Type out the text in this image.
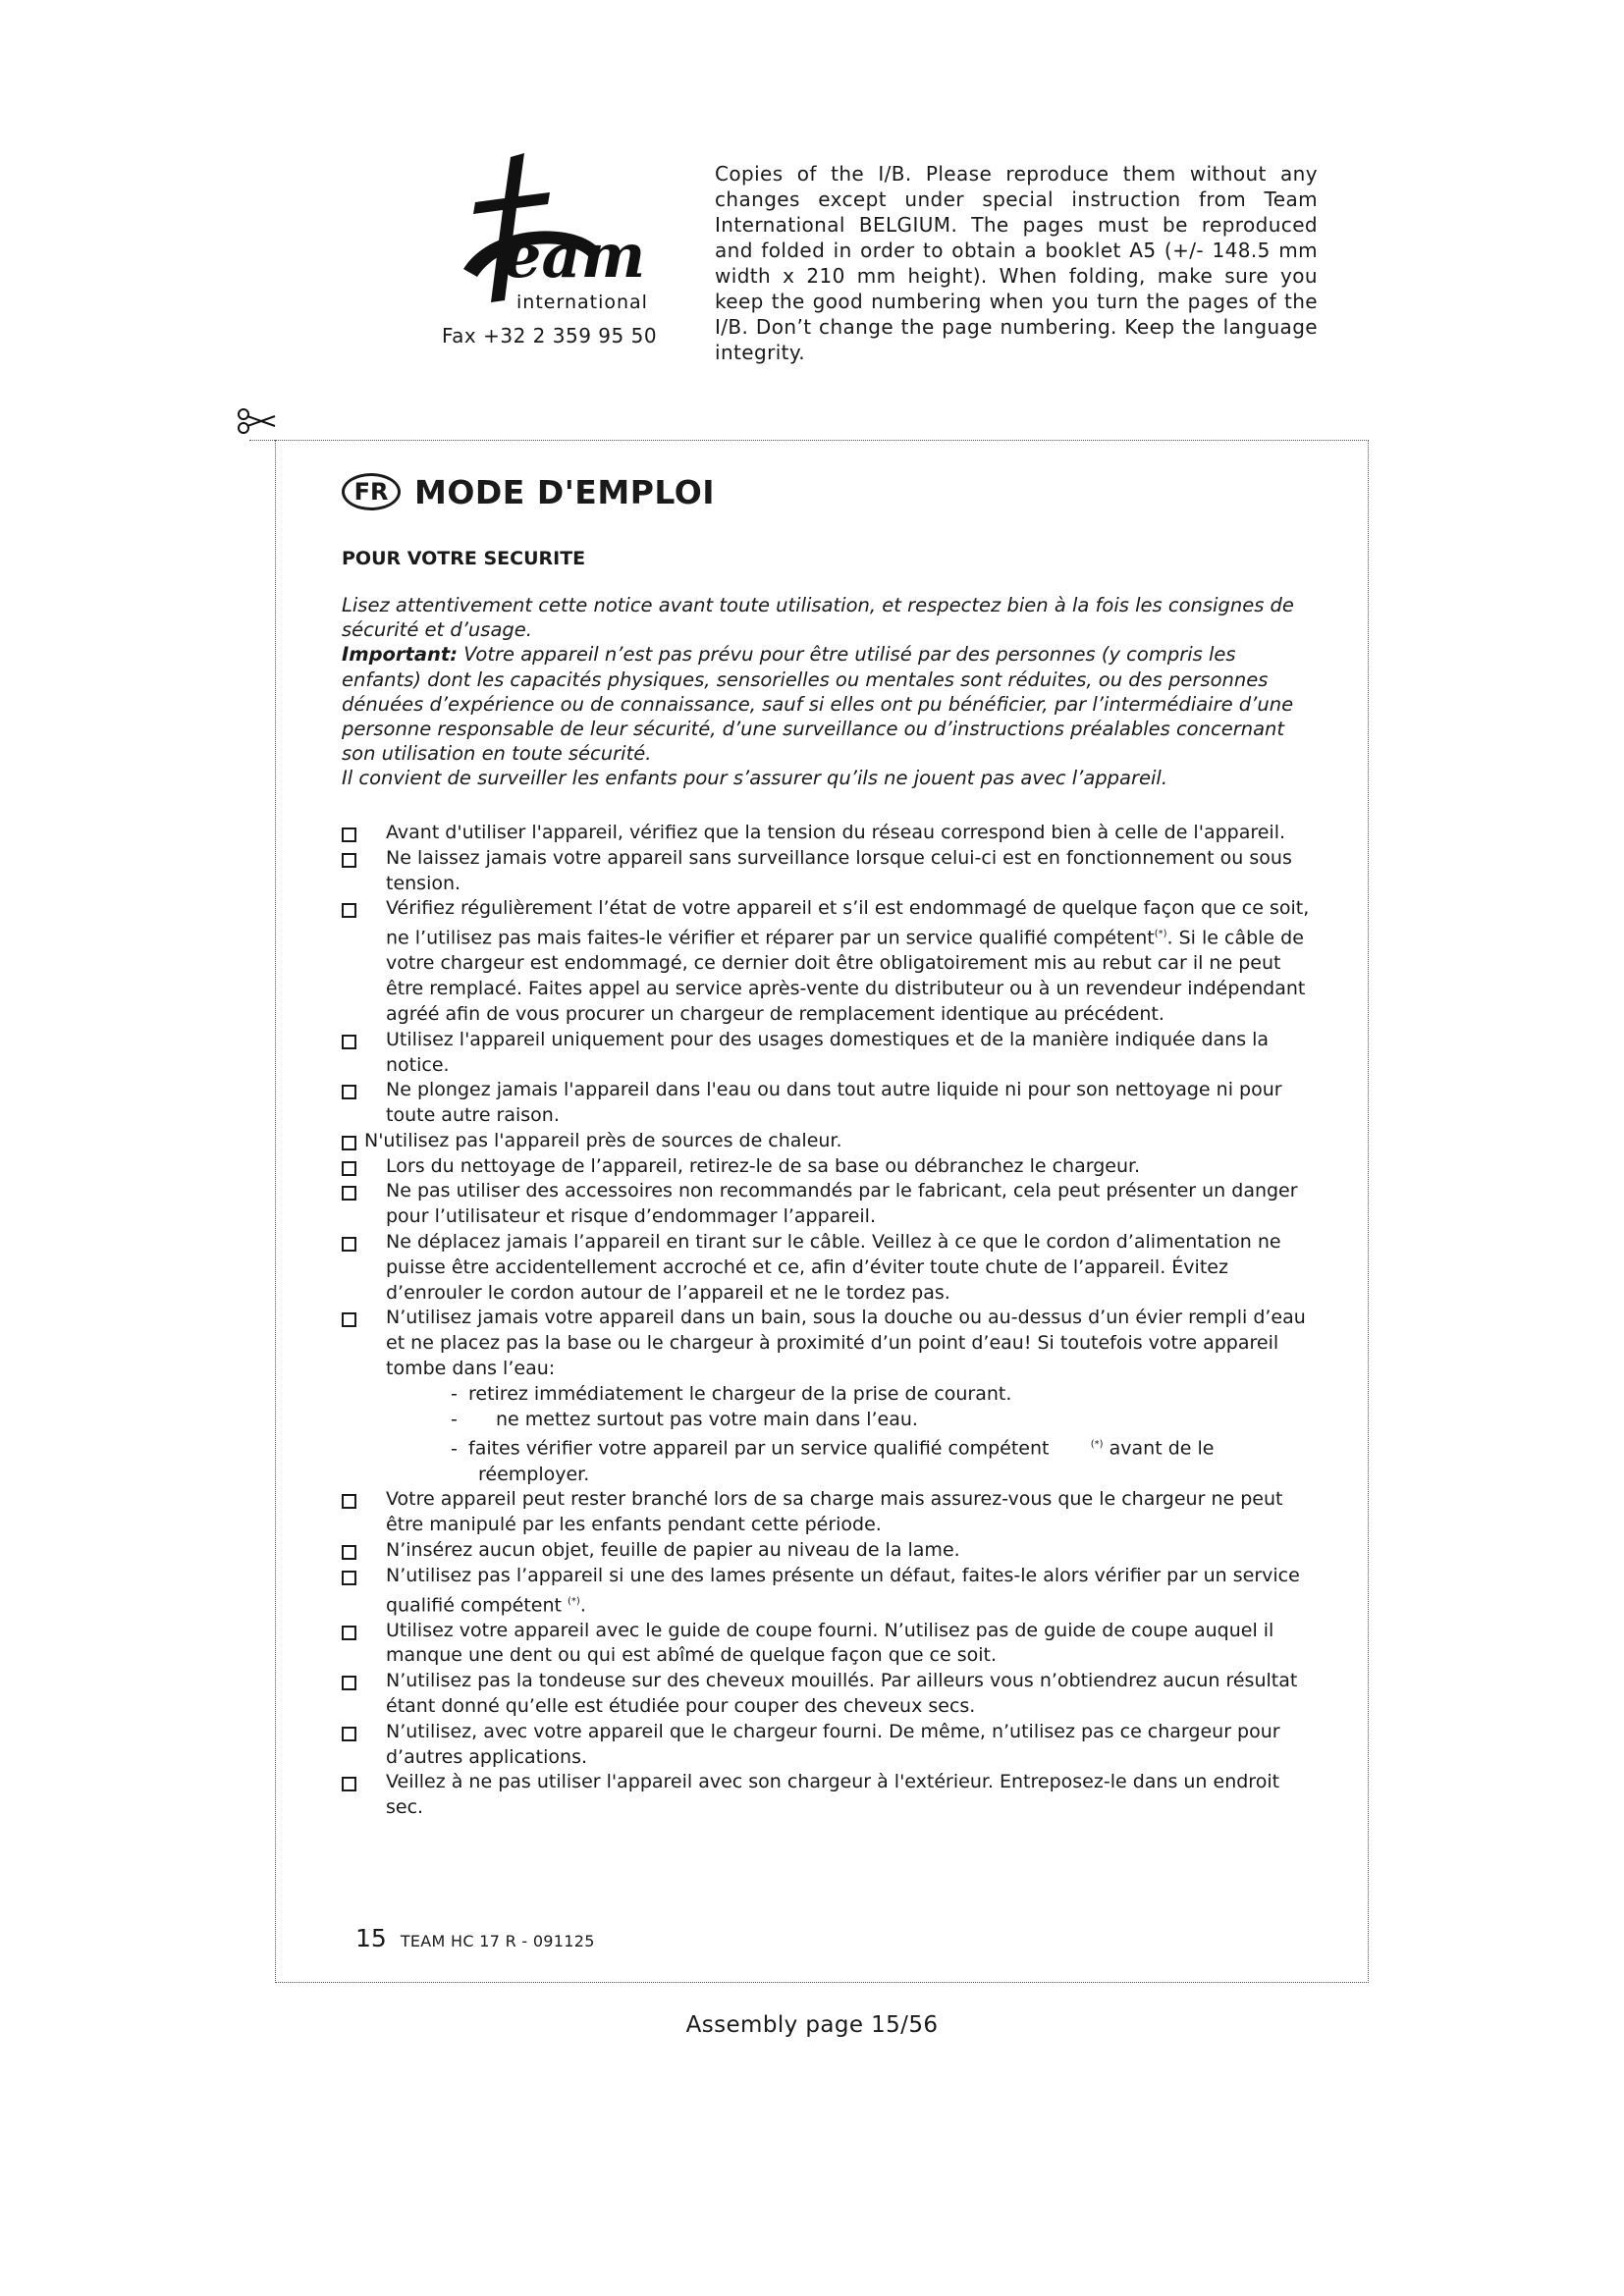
eam
international
Fax +32 2 359 95 50
Copies of the I/B. Please reproduce them without any changes except under special instruction from Team International BELGIUM. The pages must be reproduced and folded in order to obtain a booklet A5 (+/- 148.5 mm width x 210 mm height). When folding, make sure you keep the good numbering when you turn the pages of the I/B. Don’t change the page numbering. Keep the language integrity.
FR MODE D'EMPLOI
POUR VOTRE SECURITE

Lisez attentivement cette notice avant toute utilisation, et respectez bien à la fois les consignes de sécurité et d’usage.

Important: Votre appareil n’est pas prévu pour être utilisé par des personnes (y compris les enfants) dont les capacités physiques, sensorielles ou mentales sont réduites, ou des personnes dénuées d’expérience ou de connaissance, sauf si elles ont pu bénéficier, par l’intermédiaire d’une personne responsable de leur sécurité, d’une surveillance ou d’instructions préalables concernant son utilisation en toute sécurité.

Il convient de surveiller les enfants pour s’assurer qu’ils ne jouent pas avec l’appareil.

Avant d'utiliser l'appareil, vérifiez que la tension du réseau correspond bien à celle de l'appareil.
Ne laissez jamais votre appareil sans surveillance lorsque celui-ci est en fonctionnement ou sous tension.
Vérifiez régulièrement l’état de votre appareil et s’il est endommagé de quelque façon que ce soit, ne l’utilisez pas mais faites-le vérifier et réparer par un service qualifié compétent(*). Si le câble de votre chargeur est endommagé, ce dernier doit être obligatoirement mis au rebut car il ne peut être remplacé. Faites appel au service après-vente du distributeur ou à un revendeur indépendant agréé afin de vous procurer un chargeur de remplacement identique au précédent.
Utilisez l'appareil uniquement pour des usages domestiques et de la manière indiquée dans la notice.
Ne plongez jamais l'appareil dans l'eau ou dans tout autre liquide ni pour son nettoyage ni pour toute autre raison.
N'utilisez pas l'appareil près de sources de chaleur.
Lors du nettoyage de l’appareil, retirez-le de sa base ou débranchez le chargeur.
Ne pas utiliser des accessoires non recommandés par le fabricant, cela peut présenter un danger pour l’utilisateur et risque d’endommager l’appareil.
Ne déplacez jamais l’appareil en tirant sur le câble. Veillez à ce que le cordon d’alimentation ne puisse être accidentellement accroché et ce, afin d’éviter toute chute de l’appareil. Évitez d’enrouler le cordon autour de l’appareil et ne le tordez pas.
N’utilisez jamais votre appareil dans un bain, sous la douche ou au-dessus d’un évier rempli d’eau et ne placez pas la base ou le chargeur à proximité d’un point d’eau! Si toutefois votre appareil tombe dans l’eau:
- retirez immédiatement le chargeur de la prise de courant.
- ne mettez surtout pas votre main dans l’eau.
- faites vérifier votre appareil par un service qualifié compétent	(*) avant de le
réemployer.
Votre appareil peut rester branché lors de sa charge mais assurez-vous que le chargeur ne peut être manipulé par les enfants pendant cette période.
N’insérez aucun objet, feuille de papier au niveau de la lame.
N’utilisez pas l’appareil si une des lames présente un défaut, faites-le alors vérifier par un service qualifié compétent (*).
Utilisez votre appareil avec le guide de coupe fourni. N’utilisez pas de guide de coupe auquel il manque une dent ou qui est abîmé de quelque façon que ce soit.
N’utilisez pas la tondeuse sur des cheveux mouillés. Par ailleurs vous n’obtiendrez aucun résultat étant donné qu’elle est étudiée pour couper des cheveux secs.
N’utilisez, avec votre appareil que le chargeur fourni. De même, n’utilisez pas ce chargeur pour d’autres applications.
Veillez à ne pas utiliser l'appareil avec son chargeur à l'extérieur. Entreposez-le dans un endroit sec.
15 TEAM HC 17 R - 091125
Assembly page 15/56
